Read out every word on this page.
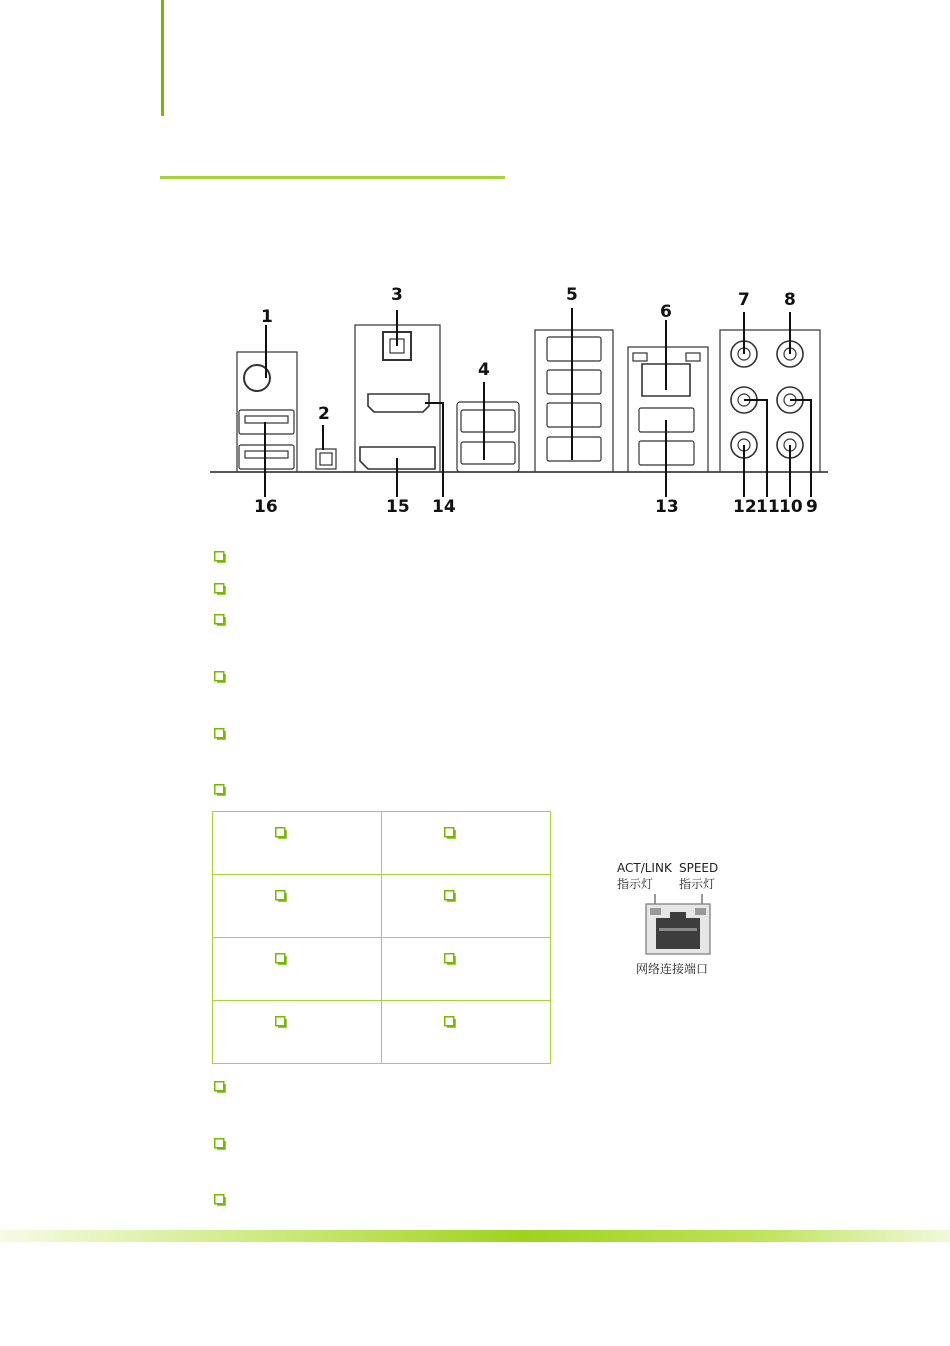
1
2
3
4
5
6
7 8
9
10
11
12
13
14
15
16

ACT/LINK SPEED
指示灯 指示灯
网络连接端口
